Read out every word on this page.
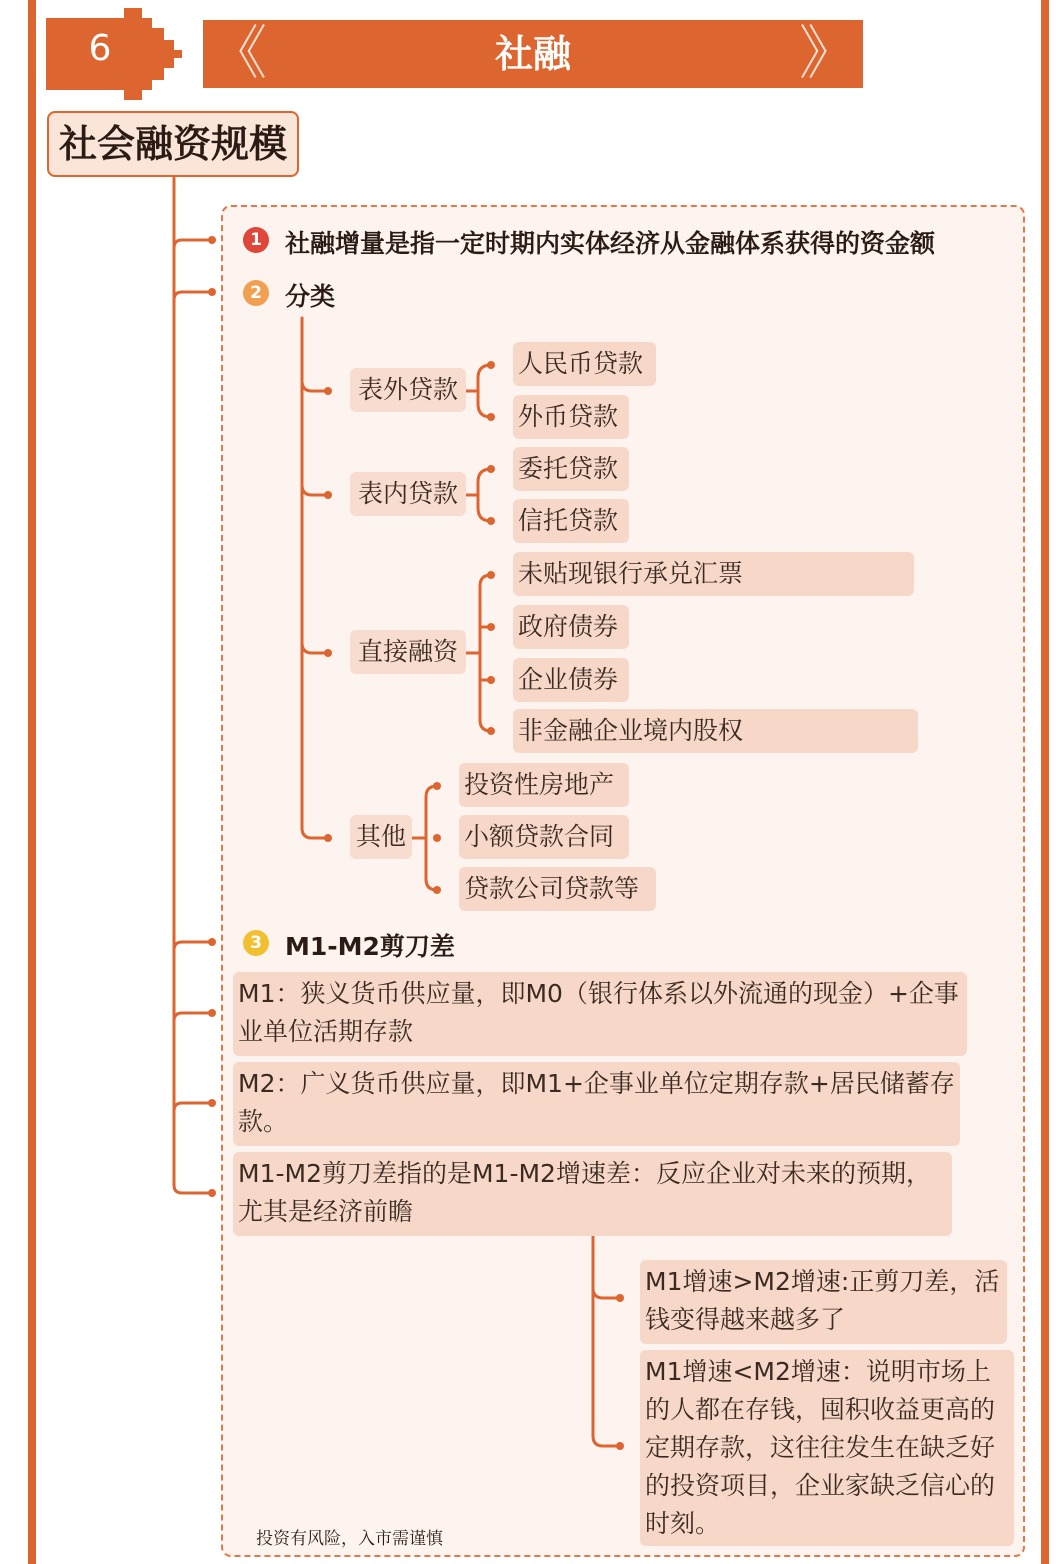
6	《	社融	》
社会融资规模
1 社融增量是指一定时期内实体经济从金融体系获得的资金额
2 分类
表外贷款
表内贷款
直接融资
其他
人民币贷款
外币贷款
委托贷款
信托贷款
未贴现银行承兑汇票
政府债券
企业债券
非金融企业境内股权
投资性房地产
小额贷款合同
贷款公司贷款等
3 M1-M2剪刀差
M1：狭义货币供应量，即M0（银行体系以外流通的现金）+企事业单位活期存款
M2：广义货币供应量，即M1+企事业单位定期存款+居民储蓄存款。
M1-M2剪刀差指的是M1-M2增速差：反应企业对未来的预期，尤其是经济前瞻
M1增速>M2增速:正剪刀差，活钱变得越来越多了
M1增速<M2增速：说明市场上的人都在存钱，囤积收益更高的定期存款，这往往发生在缺乏好的投资项目，企业家缺乏信心的时刻。
投资有风险，入市需谨慎
